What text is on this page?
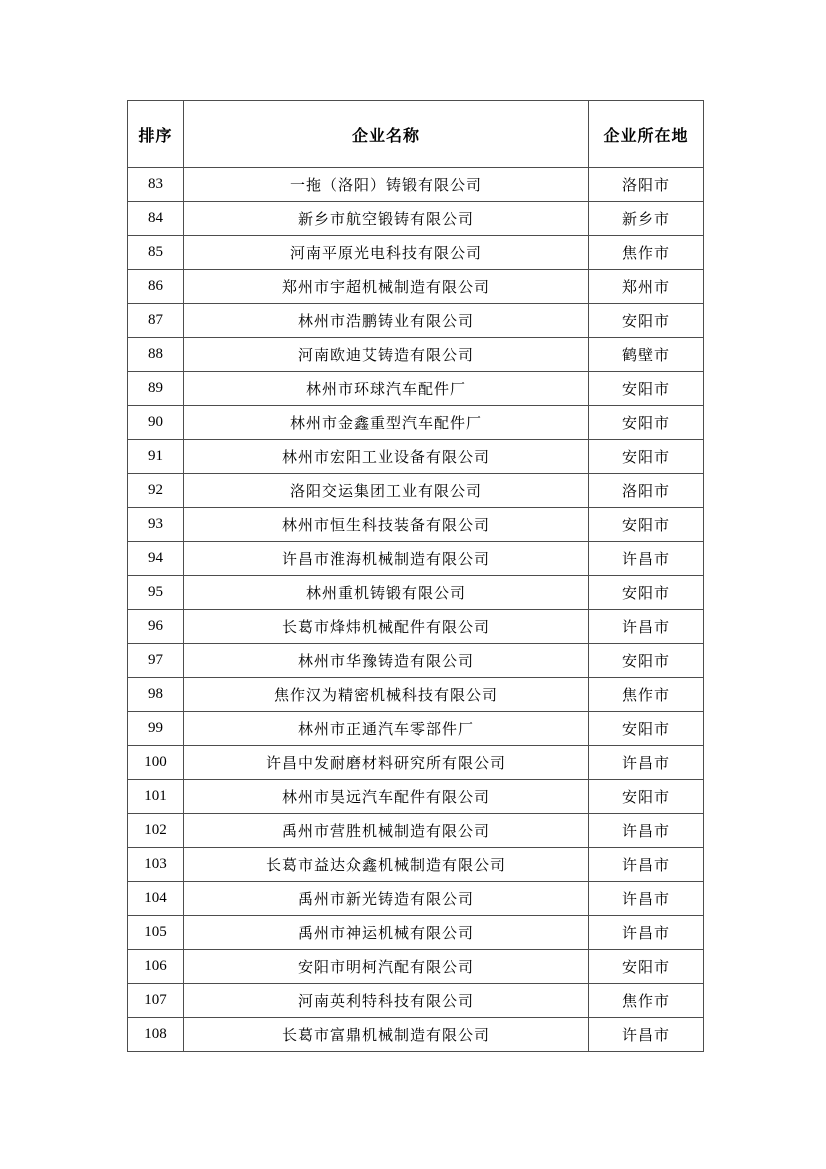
排序	企业名称	企业所在地
83	一拖（洛阳）铸锻有限公司	洛阳市
84	新乡市航空锻铸有限公司	新乡市
85	河南平原光电科技有限公司	焦作市
86	郑州市宇超机械制造有限公司	郑州市
87	林州市浩鹏铸业有限公司	安阳市
88	河南欧迪艾铸造有限公司	鹤壁市
89	林州市环球汽车配件厂	安阳市
90	林州市金鑫重型汽车配件厂	安阳市
91	林州市宏阳工业设备有限公司	安阳市
92	洛阳交运集团工业有限公司	洛阳市
93	林州市恒生科技装备有限公司	安阳市
94	许昌市淮海机械制造有限公司	许昌市
95	林州重机铸锻有限公司	安阳市
96	长葛市烽炜机械配件有限公司	许昌市
97	林州市华豫铸造有限公司	安阳市
98	焦作汉为精密机械科技有限公司	焦作市
99	林州市正通汽车零部件厂	安阳市
100	许昌中发耐磨材料研究所有限公司	许昌市
101	林州市昊远汽车配件有限公司	安阳市
102	禹州市营胜机械制造有限公司	许昌市
103	长葛市益达众鑫机械制造有限公司	许昌市
104	禹州市新光铸造有限公司	许昌市
105	禹州市神运机械有限公司	许昌市
106	安阳市明柯汽配有限公司	安阳市
107	河南英利特科技有限公司	焦作市
108	长葛市富鼎机械制造有限公司	许昌市
